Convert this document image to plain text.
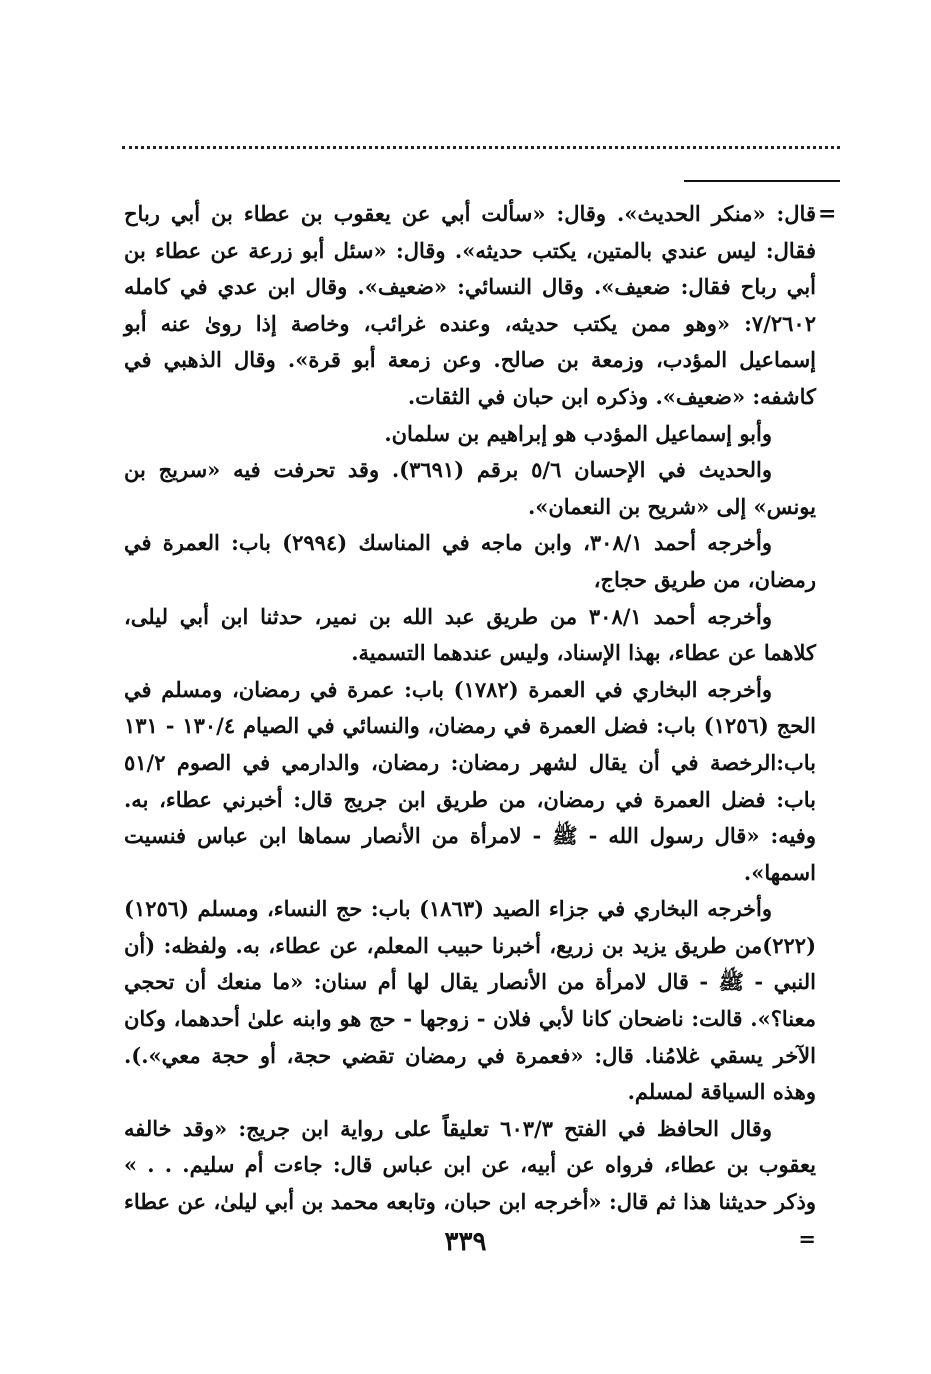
=

قال: «منكر الحديث». وقال: «سألت أبي عن يعقوب بن عطاء بن أبي رباح فقال: ليس عندي بالمتين، يكتب حديثه». وقال: «سئل أبو زرعة عن عطاء بن أبي رباح فقال: ضعيف». وقال النسائي: «ضعيف». وقال ابن عدي في كامله ٧/٢٦٠٢: «وهو ممن يكتب حديثه، وعنده غرائب، وخاصة إذا روىٰ عنه أبو إسماعيل المؤدب، وزمعة بن صالح. وعن زمعة أبو قرة». وقال الذهبي في كاشفه: «ضعيف». وذكره ابن حبان في الثقات.

وأبو إسماعيل المؤدب هو إبراهيم بن سلمان.

والحديث في الإحسان ٥/٦ برقم (٣٦٩١). وقد تحرفت فيه «سريج بن يونس» إلى «شريح بن النعمان».

وأخرجه أحمد ٣٠٨/١، وابن ماجه في المناسك (٢٩٩٤) باب: العمرة في رمضان، من طريق حجاج،

وأخرجه أحمد ٣٠٨/١ من طريق عبد الله بن نمير، حدثنا ابن أبي ليلى، كلاهما عن عطاء، بهذا الإسناد، وليس عندهما التسمية.

وأخرجه البخاري في العمرة (١٧٨٢) باب: عمرة في رمضان، ومسلم في الحج (١٢٥٦) باب: فضل العمرة في رمضان، والنسائي في الصيام ١٣٠/٤ - ١٣١ باب:الرخصة في أن يقال لشهر رمضان: رمضان، والدارمي في الصوم ٥١/٢ باب: فضل العمرة في رمضان، من طريق ابن جريج قال: أخبرني عطاء، به. وفيه: «قال رسول الله - ﷺ - لامرأة من الأنصار سماها ابن عباس فنسيت اسمها».

وأخرجه البخاري في جزاء الصيد (١٨٦٣) باب: حج النساء، ومسلم (١٢٥٦) (٢٢٢)من طريق يزيد بن زريع، أخبرنا حبيب المعلم، عن عطاء، به. ولفظه: (أن النبي - ﷺ - قال لامرأة من الأنصار يقال لها أم سنان: «ما منعك أن تحجي معنا؟». قالت: ناضحان كانا لأبي فلان - زوجها - حج هو وابنه علىٰ أحدهما، وكان الآخر يسقي غلامُنا. قال: «فعمرة في رمضان تقضي حجة، أو حجة معي».). وهذه السياقة لمسلم.

وقال الحافظ في الفتح ٦٠٣/٣ تعليقاً على رواية ابن جريج: «وقد خالفه يعقوب بن عطاء، فرواه عن أبيه، عن ابن عباس قال: جاءت أم سليم. . . » وذكر حديثنا هذا ثم قال: «أخرجه ابن حبان، وتابعه محمد بن أبي ليلىٰ، عن عطاء =

٣٣٩
